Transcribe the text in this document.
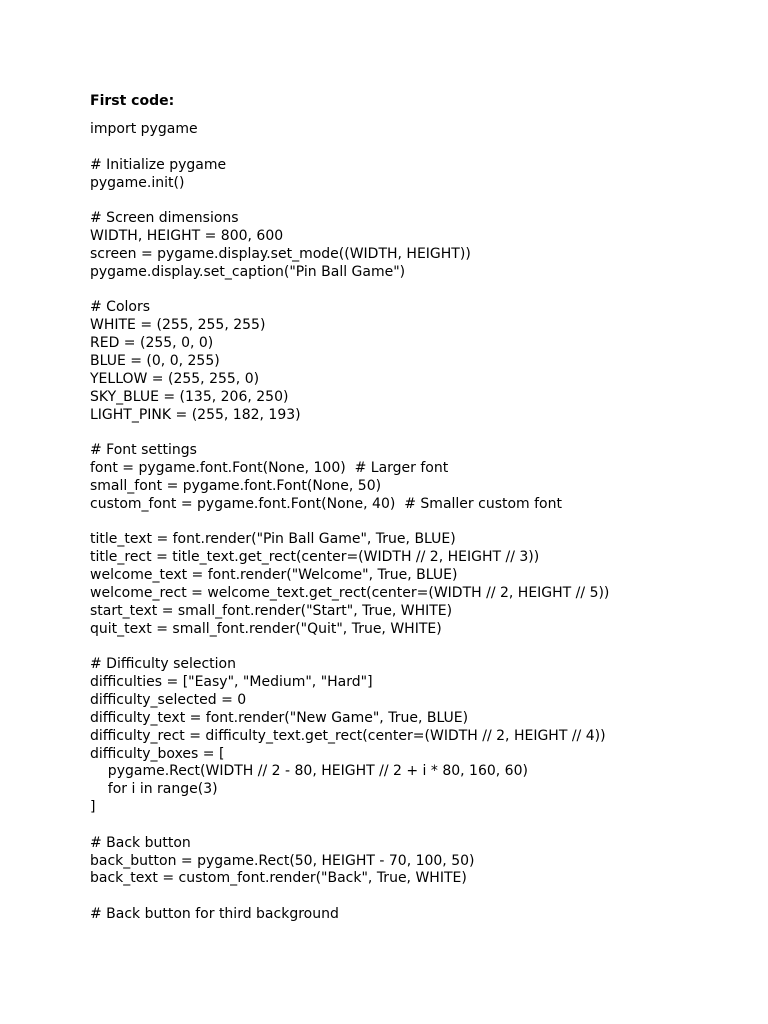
First code:
import pygame
# Initialize pygame
pygame.init()
# Screen dimensions
WIDTH, HEIGHT = 800, 600
screen = pygame.display.set_mode((WIDTH, HEIGHT))
pygame.display.set_caption("Pin Ball Game")
# Colors
WHITE = (255, 255, 255)
RED = (255, 0, 0)
BLUE = (0, 0, 255)
YELLOW = (255, 255, 0)
SKY_BLUE = (135, 206, 250)
LIGHT_PINK = (255, 182, 193)
# Font settings
font = pygame.font.Font(None, 100)  # Larger font
small_font = pygame.font.Font(None, 50)
custom_font = pygame.font.Font(None, 40)  # Smaller custom font
title_text = font.render("Pin Ball Game", True, BLUE)
title_rect = title_text.get_rect(center=(WIDTH // 2, HEIGHT // 3))
welcome_text = font.render("Welcome", True, BLUE)
welcome_rect = welcome_text.get_rect(center=(WIDTH // 2, HEIGHT // 5))
start_text = small_font.render("Start", True, WHITE)
quit_text = small_font.render("Quit", True, WHITE)
# Difficulty selection
difficulties = ["Easy", "Medium", "Hard"]
difficulty_selected = 0
difficulty_text = font.render("New Game", True, BLUE)
difficulty_rect = difficulty_text.get_rect(center=(WIDTH // 2, HEIGHT // 4))
difficulty_boxes = [
pygame.Rect(WIDTH // 2 - 80, HEIGHT // 2 + i * 80, 160, 60)
for i in range(3)
]
# Back button
back_button = pygame.Rect(50, HEIGHT - 70, 100, 50)
back_text = custom_font.render("Back", True, WHITE)
# Back button for third background
